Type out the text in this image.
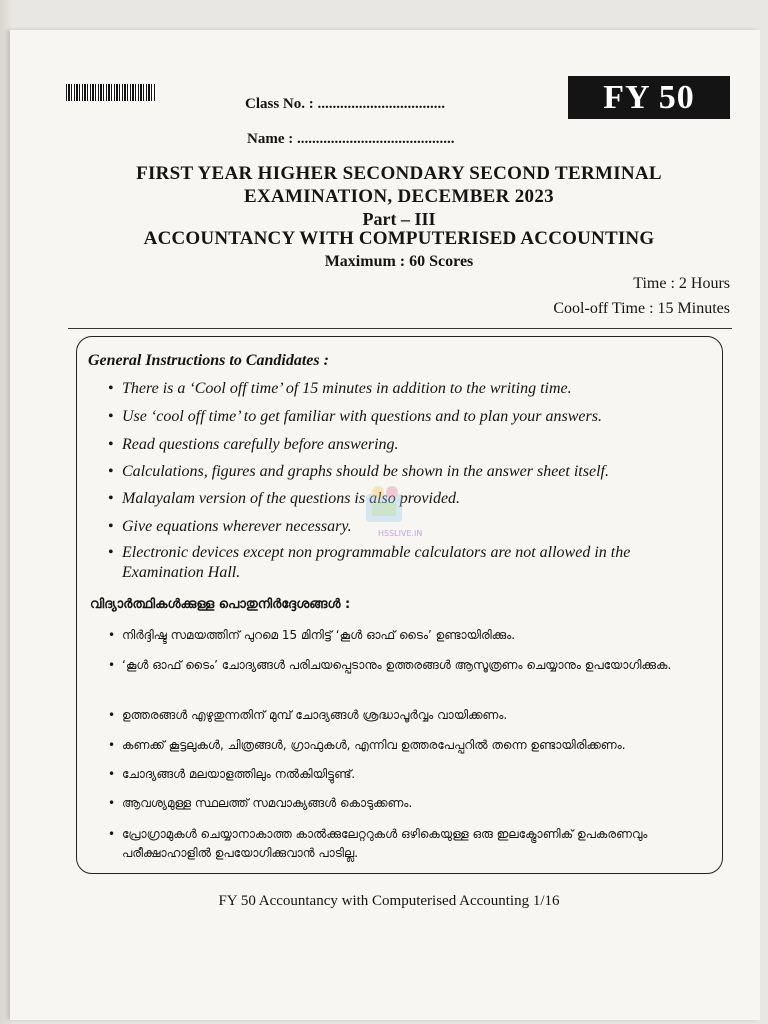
FY 50
Class No. : ..................................
Name : ..........................................
FIRST YEAR HIGHER SECONDARY SECOND TERMINAL
EXAMINATION, DECEMBER 2023
Part – III
ACCOUNTANCY WITH COMPUTERISED ACCOUNTING
Maximum : 60 Scores
Time : 2 Hours
Cool-off Time : 15 Minutes
General Instructions to Candidates :
• There is a ‘Cool off time’ of 15 minutes in addition to the writing time.
• Use ‘cool off time’ to get familiar with questions and to plan your answers.
• Read questions carefully before answering.
• Calculations, figures and graphs should be shown in the answer sheet itself.
• Malayalam version of the questions is also provided.
• Give equations wherever necessary.
• Electronic devices except non programmable calculators are not allowed in the Examination Hall.
HSSLIVE.IN
വിദ്യാർത്ഥികൾക്കുള്ള പൊതുനിർദ്ദേശങ്ങൾ :
• നിർദ്ദിഷ്ട സമയത്തിന് പുറമെ 15 മിനിട്ട് ‘കൂൾ ഓഫ് ടൈം’ ഉണ്ടായിരിക്കും.
• ‘കൂൾ ഓഫ് ടൈം’ ചോദ്യങ്ങൾ പരിചയപ്പെടാനും ഉത്തരങ്ങൾ ആസൂത്രണം ചെയ്യാനും ഉപയോഗിക്കുക.
• ഉത്തരങ്ങൾ എഴുതുന്നതിന് മുമ്പ് ചോദ്യങ്ങൾ ശ്രദ്ധാപൂർവ്വം വായിക്കണം.
• കണക്ക് കൂട്ടലുകൾ, ചിത്രങ്ങൾ, ഗ്രാഫുകൾ, എന്നിവ ഉത്തരപേപ്പറിൽ തന്നെ ഉണ്ടായിരിക്കണം.
• ചോദ്യങ്ങൾ മലയാളത്തിലും നൽകിയിട്ടുണ്ട്.
• ആവശ്യമുള്ള സ്ഥലത്ത് സമവാക്യങ്ങൾ കൊടുക്കണം.
• പ്രോഗ്രാമുകൾ ചെയ്യാനാകാത്ത കാൽക്കുലേറ്ററുകൾ ഒഴികെയുള്ള ഒരു ഇലക്ട്രോണിക് ഉപകരണവും പരീക്ഷാഹാളിൽ ഉപയോഗിക്കുവാൻ പാടില്ല.
FY 50 Accountancy with Computerised Accounting 1/16
